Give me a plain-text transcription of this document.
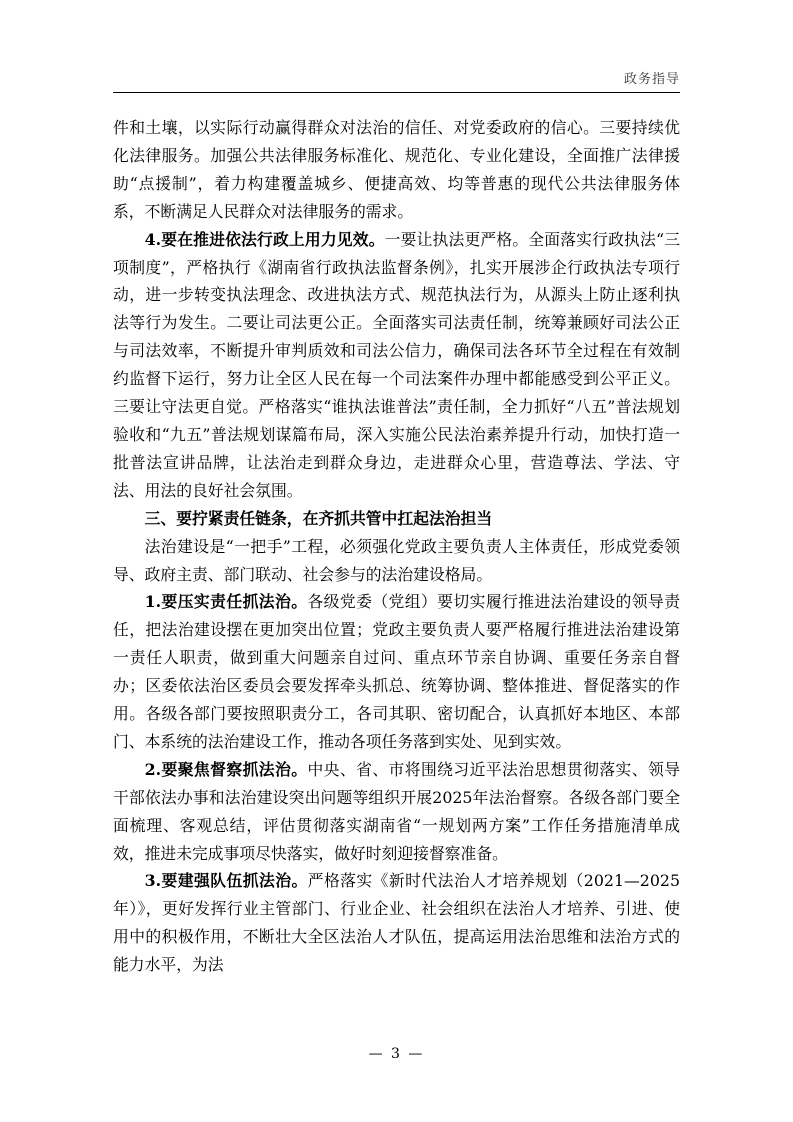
政务指导

件和土壤，以实际行动赢得群众对法治的信任、对党委政府的信心。三要持续优化法律服务。加强公共法律服务标准化、规范化、专业化建设，全面推广法律援助“点援制”，着力构建覆盖城乡、便捷高效、均等普惠的现代公共法律服务体系，不断满足人民群众对法律服务的需求。

4.要在推进依法行政上用力见效。一要让执法更严格。全面落实行政执法“三项制度”，严格执行《湖南省行政执法监督条例》，扎实开展涉企行政执法专项行动，进一步转变执法理念、改进执法方式、规范执法行为，从源头上防止逐利执法等行为发生。二要让司法更公正。全面落实司法责任制，统筹兼顾好司法公正与司法效率，不断提升审判质效和司法公信力，确保司法各环节全过程在有效制约监督下运行，努力让全区人民在每一个司法案件办理中都能感受到公平正义。三要让守法更自觉。严格落实“谁执法谁普法”责任制，全力抓好“八五”普法规划验收和“九五”普法规划谋篇布局，深入实施公民法治素养提升行动，加快打造一批普法宣讲品牌，让法治走到群众身边，走进群众心里，营造尊法、学法、守法、用法的良好社会氛围。

三、要拧紧责任链条，在齐抓共管中扛起法治担当

法治建设是“一把手”工程，必须强化党政主要负责人主体责任，形成党委领导、政府主责、部门联动、社会参与的法治建设格局。

1.要压实责任抓法治。各级党委（党组）要切实履行推进法治建设的领导责任，把法治建设摆在更加突出位置；党政主要负责人要严格履行推进法治建设第一责任人职责，做到重大问题亲自过问、重点环节亲自协调、重要任务亲自督办；区委依法治区委员会要发挥牵头抓总、统筹协调、整体推进、督促落实的作用。各级各部门要按照职责分工，各司其职、密切配合，认真抓好本地区、本部门、本系统的法治建设工作，推动各项任务落到实处、见到实效。

2.要聚焦督察抓法治。中央、省、市将围绕习近平法治思想贯彻落实、领导干部依法办事和法治建设突出问题等组织开展2025年法治督察。各级各部门要全面梳理、客观总结，评估贯彻落实湖南省“一规划两方案”工作任务措施清单成效，推进未完成事项尽快落实，做好时刻迎接督察准备。

3.要建强队伍抓法治。严格落实《新时代法治人才培养规划（2021—2025年）》，更好发挥行业主管部门、行业企业、社会组织在法治人才培养、引进、使用中的积极作用，不断壮大全区法治人才队伍，提高运用法治思维和法治方式的能力水平，为法

— 3 —
